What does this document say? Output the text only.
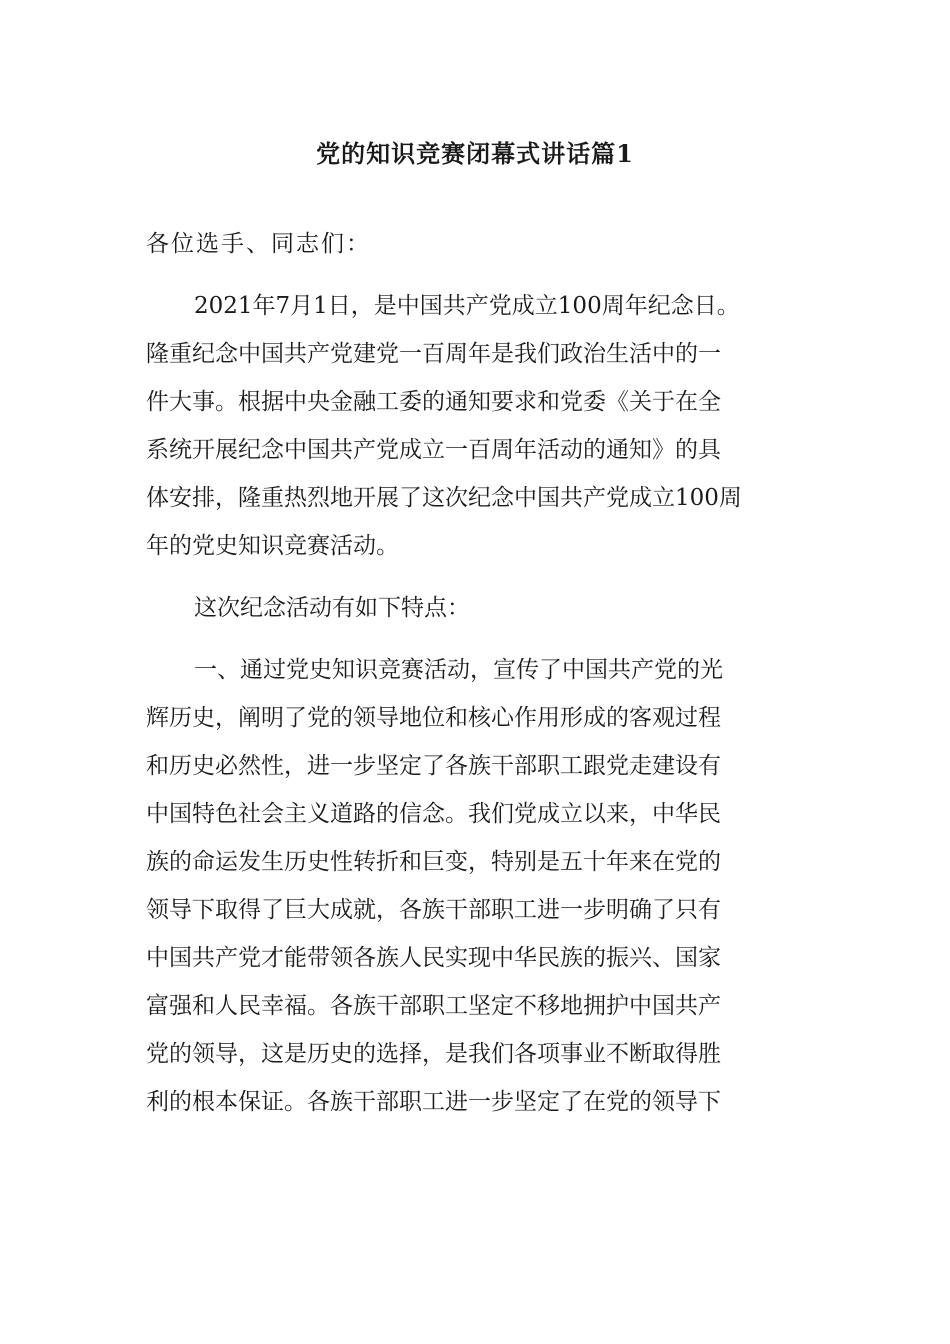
党的知识竞赛闭幕式讲话篇1
各位选手、同志们：
2021年7月1日，是中国共产党成立100周年纪念日。
隆重纪念中国共产党建党一百周年是我们政治生活中的一
件大事。根据中央金融工委的通知要求和党委《关于在全
系统开展纪念中国共产党成立一百周年活动的通知》的具
体安排，隆重热烈地开展了这次纪念中国共产党成立100周
年的党史知识竞赛活动。
这次纪念活动有如下特点：
一、通过党史知识竞赛活动，宣传了中国共产党的光
辉历史，阐明了党的领导地位和核心作用形成的客观过程
和历史必然性，进一步坚定了各族干部职工跟党走建设有
中国特色社会主义道路的信念。我们党成立以来，中华民
族的命运发生历史性转折和巨变，特别是五十年来在党的
领导下取得了巨大成就，各族干部职工进一步明确了只有
中国共产党才能带领各族人民实现中华民族的振兴、国家
富强和人民幸福。各族干部职工坚定不移地拥护中国共产
党的领导，这是历史的选择，是我们各项事业不断取得胜
利的根本保证。各族干部职工进一步坚定了在党的领导下
